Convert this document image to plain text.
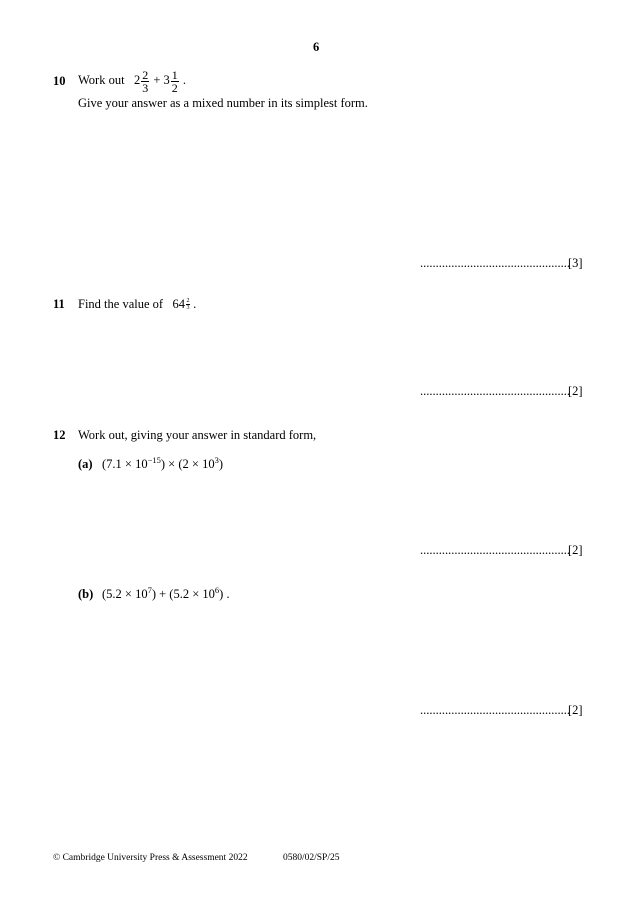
6
10 Work out $2 \frac{2}{3} + 3 \frac{1}{2}$ .
Give your answer as a mixed number in its simplest form.
................................................
[3]
11 Find the value of $64 \frac{2}{3}$ .
................................................
[2]
12 Work out, giving your answer in standard form,
(a) $(7.1 \times 10^{-15}) \times (2 \times 10^3)$
................................................
[2]
(b) $(5.2 \times 10^7) + (5.2 \times 10^6)$ .
................................................
[2]
© Cambridge University Press & Assessment 2022	0580/02/SP/25
